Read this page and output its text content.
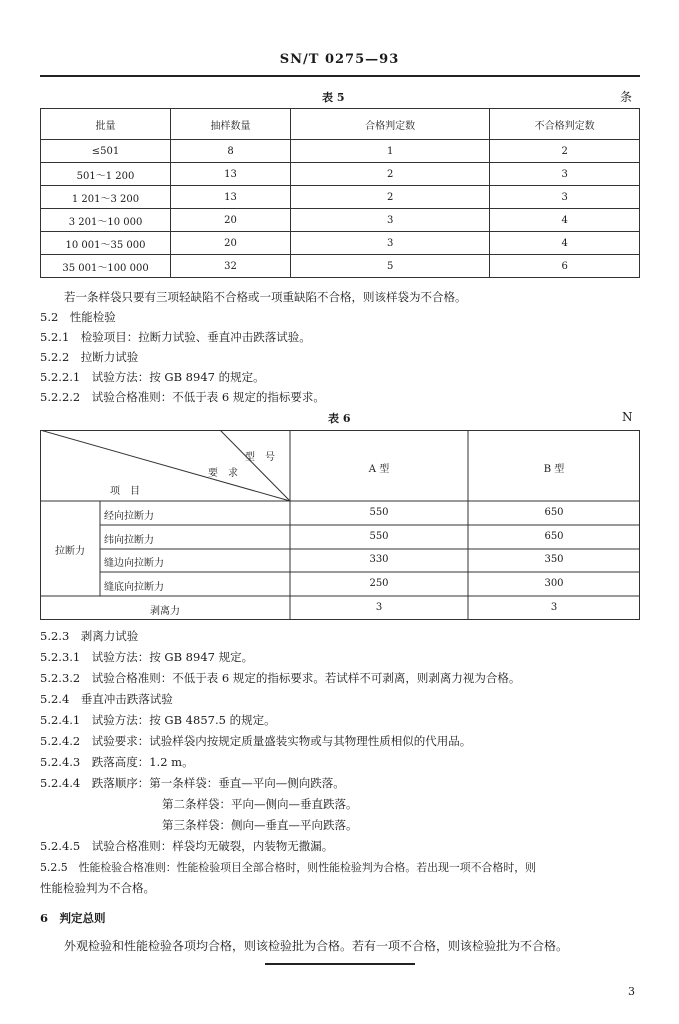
SN/T 0275—93
表 5	条
批量	抽样数量	合格判定数	不合格判定数
≤501	8	1	2
501～1 200	13	2	3
1 201～3 200	13	2	3
3 201～10 000	20	3	4
10 001～35 000	20	3	4
35 001～100 000	32	5	6
若一条样袋只要有三项轻缺陷不合格或一项重缺陷不合格，则该样袋为不合格。
5.2　性能检验
5.2.1　检验项目：拉断力试验、垂直冲击跌落试验。
5.2.2　拉断力试验
5.2.2.1　试验方法：按 GB 8947 的规定。
5.2.2.2　试验合格准则：不低于表 6 规定的指标要求。
表 6	N
型　号
要　求
项　目
A 型	B 型
拉断力
经向拉断力	550	650
纬向拉断力	550	650
缝边向拉断力	330	350
缝底向拉断力	250	300
剥离力	3	3
5.2.3　剥离力试验
5.2.3.1　试验方法：按 GB 8947 规定。
5.2.3.2　试验合格准则：不低于表 6 规定的指标要求。若试样不可剥离，则剥离力视为合格。
5.2.4　垂直冲击跌落试验
5.2.4.1　试验方法：按 GB 4857.5 的规定。
5.2.4.2　试验要求：试验样袋内按规定质量盛装实物或与其物理性质相似的代用品。
5.2.4.3　跌落高度：1.2 m。
5.2.4.4　跌落顺序：第一条样袋：垂直—平向—侧向跌落。
第二条样袋：平向—侧向—垂直跌落。
第三条样袋：侧向—垂直—平向跌落。
5.2.4.5　试验合格准则：样袋均无破裂，内装物无撒漏。
5.2.5　性能检验合格准则：性能检验项目全部合格时，则性能检验判为合格。若出现一项不合格时，则
性能检验判为不合格。
6　判定总则
外观检验和性能检验各项均合格，则该检验批为合格。若有一项不合格，则该检验批为不合格。
3
